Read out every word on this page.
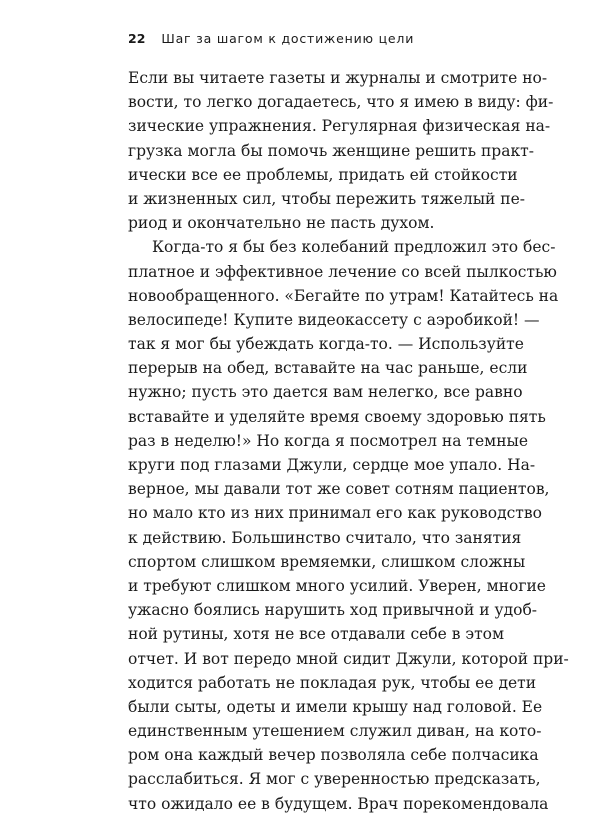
22 Шаг за шагом к достижению цели
Если вы читаете газеты и журналы и смотрите но-
вости, то легко догадаетесь, что я имею в виду: фи-
зические упражнения. Регулярная физическая на-
грузка могла бы помочь женщине решить практ-
ически все ее проблемы, придать ей стойкости
и жизненных сил, чтобы пережить тяжелый пе-
риод и окончательно не пасть духом.
Когда-то я бы без колебаний предложил это бес-
платное и эффективное лечение со всей пылкостью
новообращенного. «Бегайте по утрам! Катайтесь на
велосипеде! Купите видеокассету с аэробикой! —
так я мог бы убеждать когда-то. — Используйте
перерыв на обед, вставайте на час раньше, если
нужно; пусть это дается вам нелегко, все равно
вставайте и уделяйте время своему здоровью пять
раз в неделю!» Но когда я посмотрел на темные
круги под глазами Джули, сердце мое упало. На-
верное, мы давали тот же совет сотням пациентов,
но мало кто из них принимал его как руководство
к действию. Большинство считало, что занятия
спортом слишком времяемки, слишком сложны
и требуют слишком много усилий. Уверен, многие
ужасно боялись нарушить ход привычной и удоб-
ной рутины, хотя не все отдавали себе в этом
отчет. И вот передо мной сидит Джули, которой при-
ходится работать не покладая рук, чтобы ее дети
были сыты, одеты и имели крышу над головой. Ее
единственным утешением служил диван, на кото-
ром она каждый вечер позволяла себе полчасика
расслабиться. Я мог с уверенностью предсказать,
что ожидало ее в будущем. Врач порекомендовала
